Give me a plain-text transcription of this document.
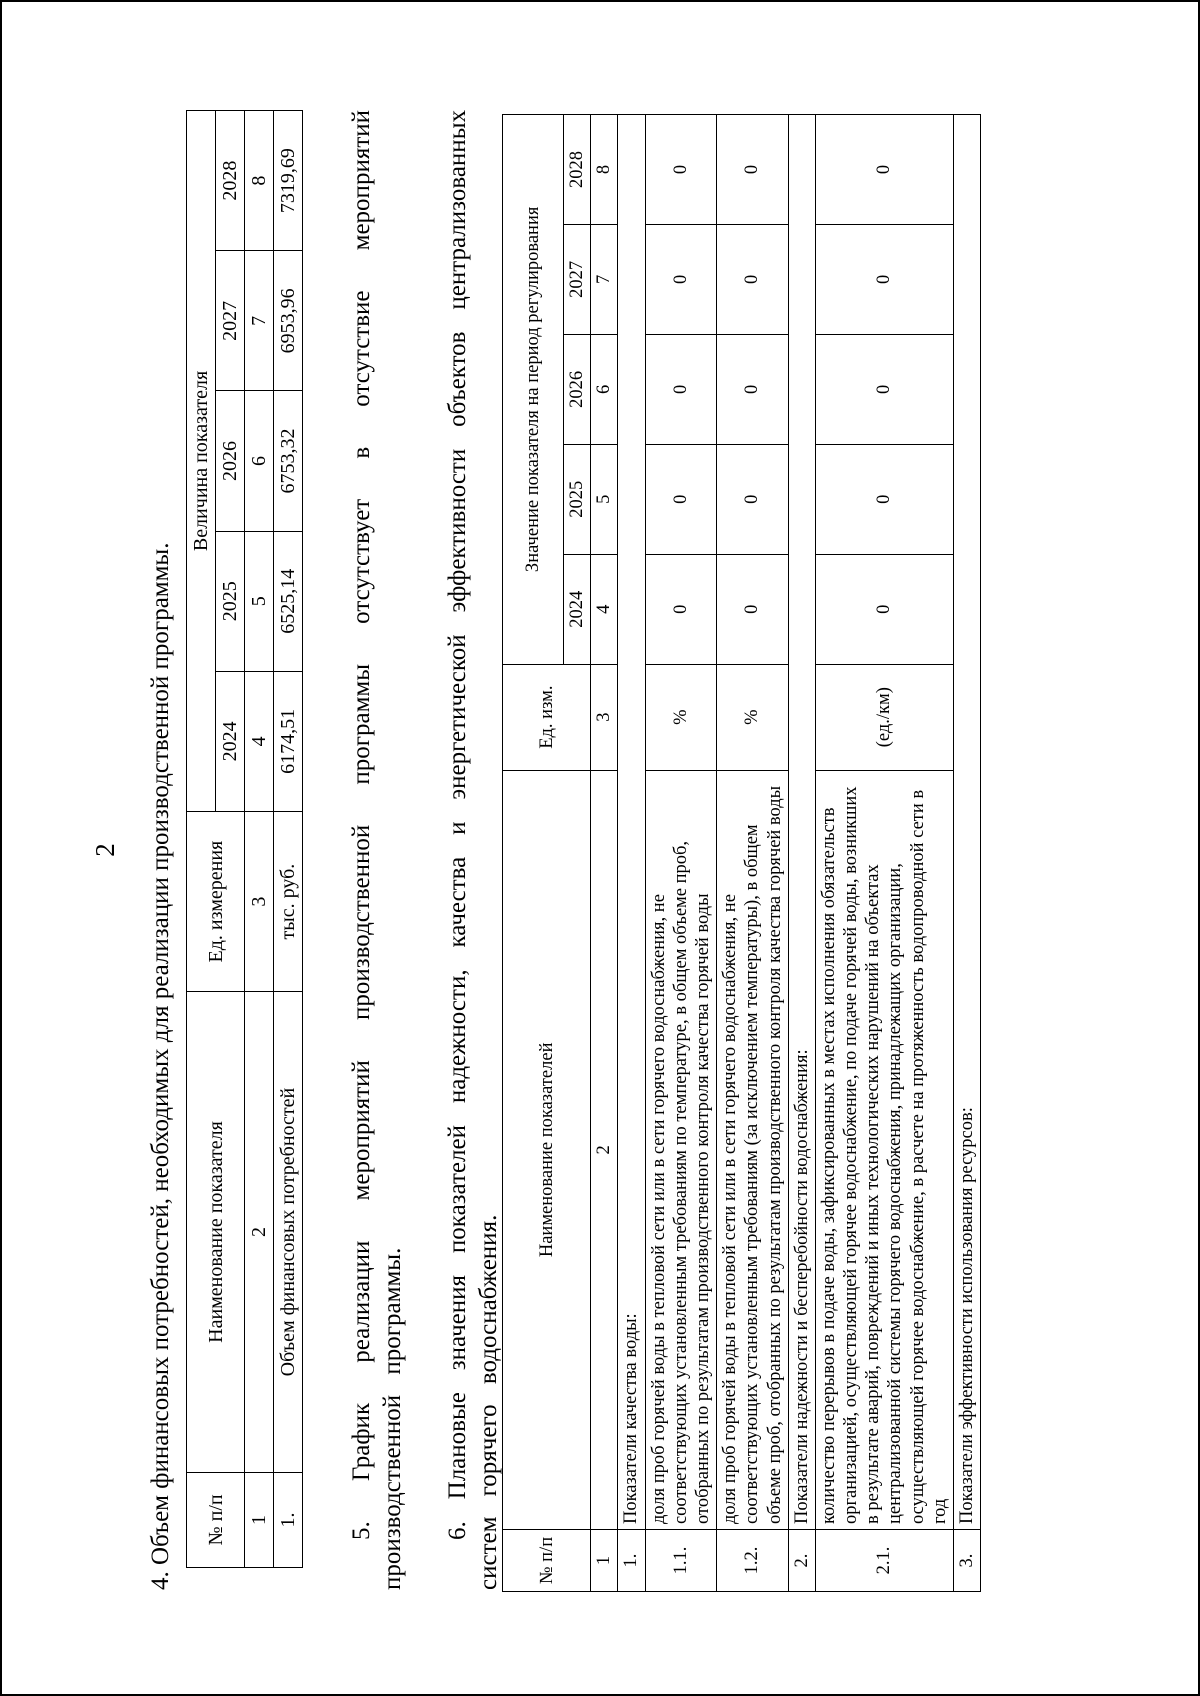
2 4. Объем финансовых потребностей, необходимых для реализации производственной программы. № п/п	Наименование показателя	Ед. измерения	Величина показателя				
			2024	2025	2026	2027	2028
1	2	3	4	5	6	7	8
1.	Объем финансовых потребностей	тыс. руб.	6174,51	6525,14	6753,32	6953,96	7319,69 5. График реализации мероприятий производственной программы отсутствует в отсутствие мероприятий производственной программы. 6. Плановые значения показателей надежности, качества и энергетической эффективности объектов централизованных систем горячего водоснабжения. № п/п	Наименование показателей	Ед. изм.	Значение показателя на период регулирования				
			2024	2025	2026	2027	2028
1	2	3	4	5	6	7	8
1.	Показатели качества воды:						
1.1.	доля проб горячей воды в тепловой сети или в сети горячего водоснабжения, не соответствующих установленным требованиям по температуре, в общем объеме проб, отобранных по результатам производственного контроля качества горячей воды	%	0	0	0	0	0
1.2.	доля проб горячей воды в тепловой сети или в сети горячего водоснабжения, не соответствующих установленным требованиям (за исключением температуры), в общем объеме проб, отобранных по результатам производственного контроля качества горячей воды	%	0	0	0	0	0
2.	Показатели надежности и бесперебойности водоснабжения:						
2.1.	количество перерывов в подаче воды, зафиксированных в местах исполнения обязательств организацией, осуществляющей горячее водоснабжение, по подаче горячей воды, возникших в результате аварий, повреждений и иных технологических нарушений на объектах централизованной системы горячего водоснабжения, принадлежащих организации, осуществляющей горячее водоснабжение, в расчете на протяженность водопроводной сети в год	(ед./км)	0	0	0	0	0
3.	Показатели эффективности использования ресурсов:						
